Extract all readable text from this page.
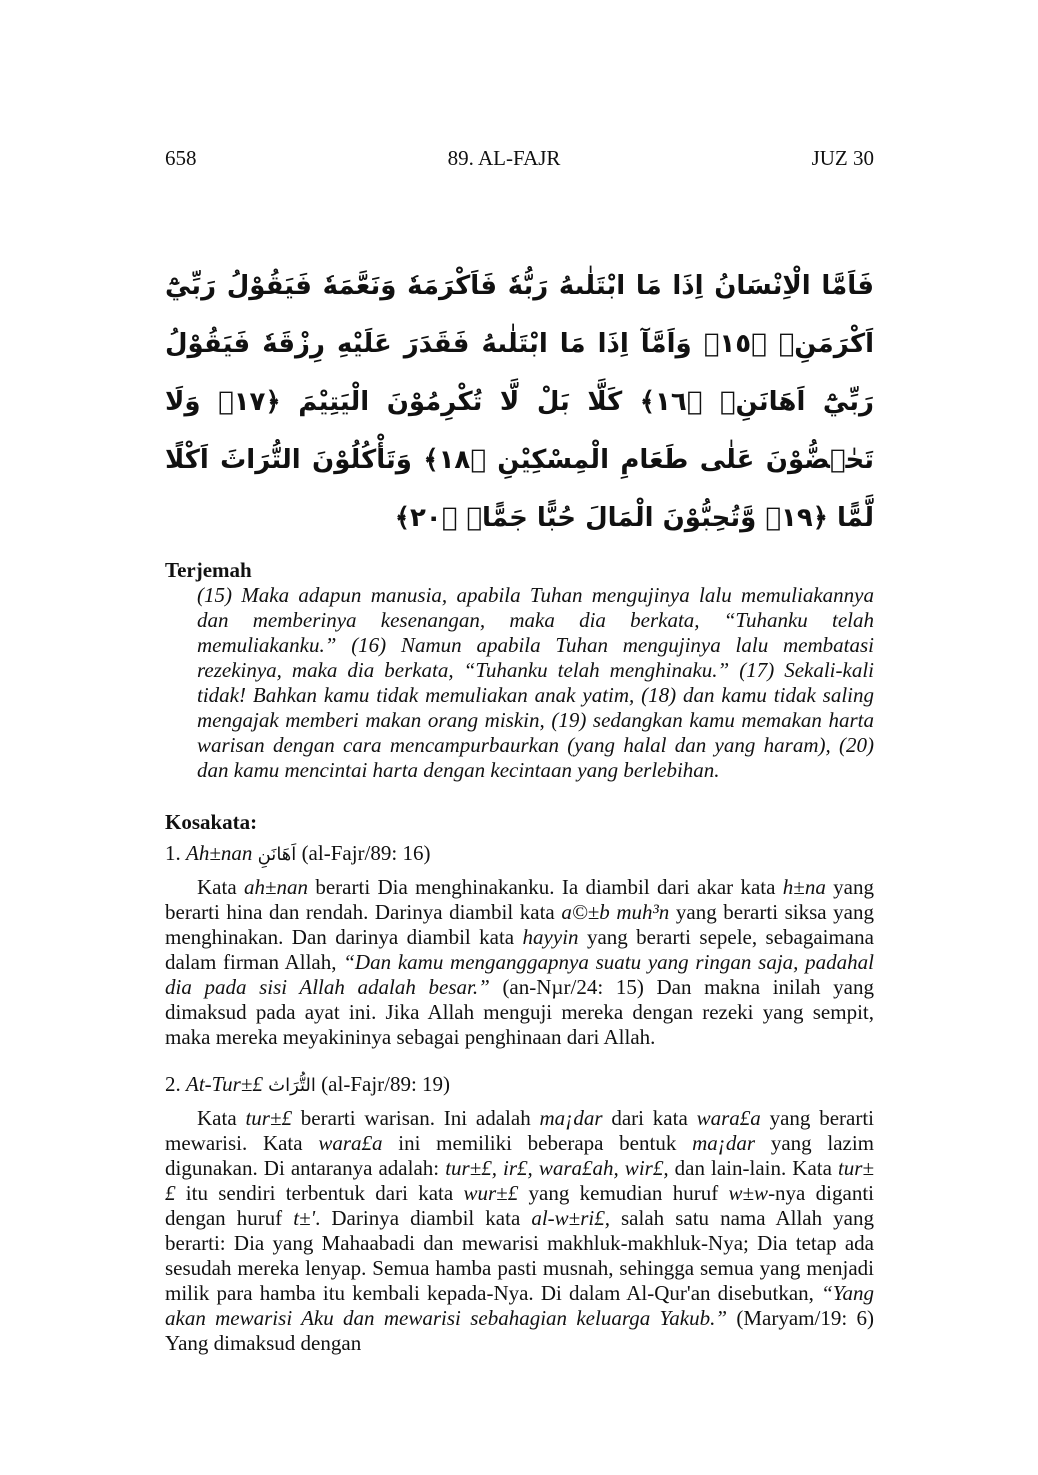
658	89. AL-FAJR	JUZ 30
فَاَمَّا الْاِنْسَانُ اِذَا مَا ابْتَلٰىهُ رَبُّهٗ فَاَكْرَمَهٗ وَنَعَّمَهٗ فَيَقُوْلُ رَبِّيْٓ اَكْرَمَنِۗ ﴿١٥﴾ وَاَمَّآ اِذَا مَا ابْتَلٰىهُ فَقَدَرَ عَلَيْهِ رِزْقَهٗ فَيَقُوْلُ رَبِّيْٓ اَهَانَنِۚ ﴿١٦﴾ كَلَّا بَلْ لَّا تُكْرِمُوْنَ الْيَتِيْمَ ﴿١٧﴾ وَلَا تَحٰۤضُّوْنَ عَلٰى طَعَامِ الْمِسْكِيْنِ ﴿١٨﴾ وَتَأْكُلُوْنَ التُّرَاثَ اَكْلًا لَّمًّا ﴿١٩﴾ وَّتُحِبُّوْنَ الْمَالَ حُبًّا جَمًّاۗ ﴿٢٠﴾
Terjemah

(15) Maka adapun manusia, apabila Tuhan mengujinya lalu memuliakannya dan memberinya kesenangan, maka dia berkata, “Tuhanku telah memuliakanku.” (16) Namun apabila Tuhan mengujinya lalu membatasi rezekinya, maka dia berkata, “Tuhanku telah menghinaku.” (17) Sekali-kali tidak! Bahkan kamu tidak memuliakan anak yatim, (18) dan kamu tidak saling mengajak memberi makan orang miskin, (19) sedangkan kamu memakan harta warisan dengan cara mencampurbaurkan (yang halal dan yang haram), (20) dan kamu mencintai harta dengan kecintaan yang berlebihan.

Kosakata:
1. Ah±nan اَهَانَنِ (al-Fajr/89: 16)

Kata ah±nan berarti Dia menghinakanku. Ia diambil dari akar kata h±na yang berarti hina dan rendah. Darinya diambil kata a©±b muh³n yang berarti siksa yang menghinakan. Dan darinya diambil kata hayyin yang berarti sepele, sebagaimana dalam firman Allah, “Dan kamu menganggapnya suatu yang ringan saja, padahal dia pada sisi Allah adalah besar.” (an-Nµr/24: 15) Dan makna inilah yang dimaksud pada ayat ini. Jika Allah menguji mereka dengan rezeki yang sempit, maka mereka meyakininya sebagai penghinaan dari Allah.

2. At-Tur±£ التُّرَاث (al-Fajr/89: 19)

Kata tur±£ berarti warisan. Ini adalah ma¡dar dari kata wara£a yang berarti mewarisi. Kata wara£a ini memiliki beberapa bentuk ma¡dar yang lazim digunakan. Di antaranya adalah: tur±£, ir£, wara£ah, wir£, dan lain-lain. Kata tur±£ itu sendiri terbentuk dari kata wur±£ yang kemudian huruf w±w-nya diganti dengan huruf t±'. Darinya diambil kata al-w±ri£, salah satu nama Allah yang berarti: Dia yang Mahaabadi dan mewarisi makhluk-makhluk-Nya; Dia tetap ada sesudah mereka lenyap. Semua hamba pasti musnah, sehingga semua yang menjadi milik para hamba itu kembali kepada-Nya. Di dalam Al-Qur'an disebutkan, “Yang akan mewarisi Aku dan mewarisi sebahagian keluarga Yakub.” (Maryam/19: 6) Yang dimaksud dengan
